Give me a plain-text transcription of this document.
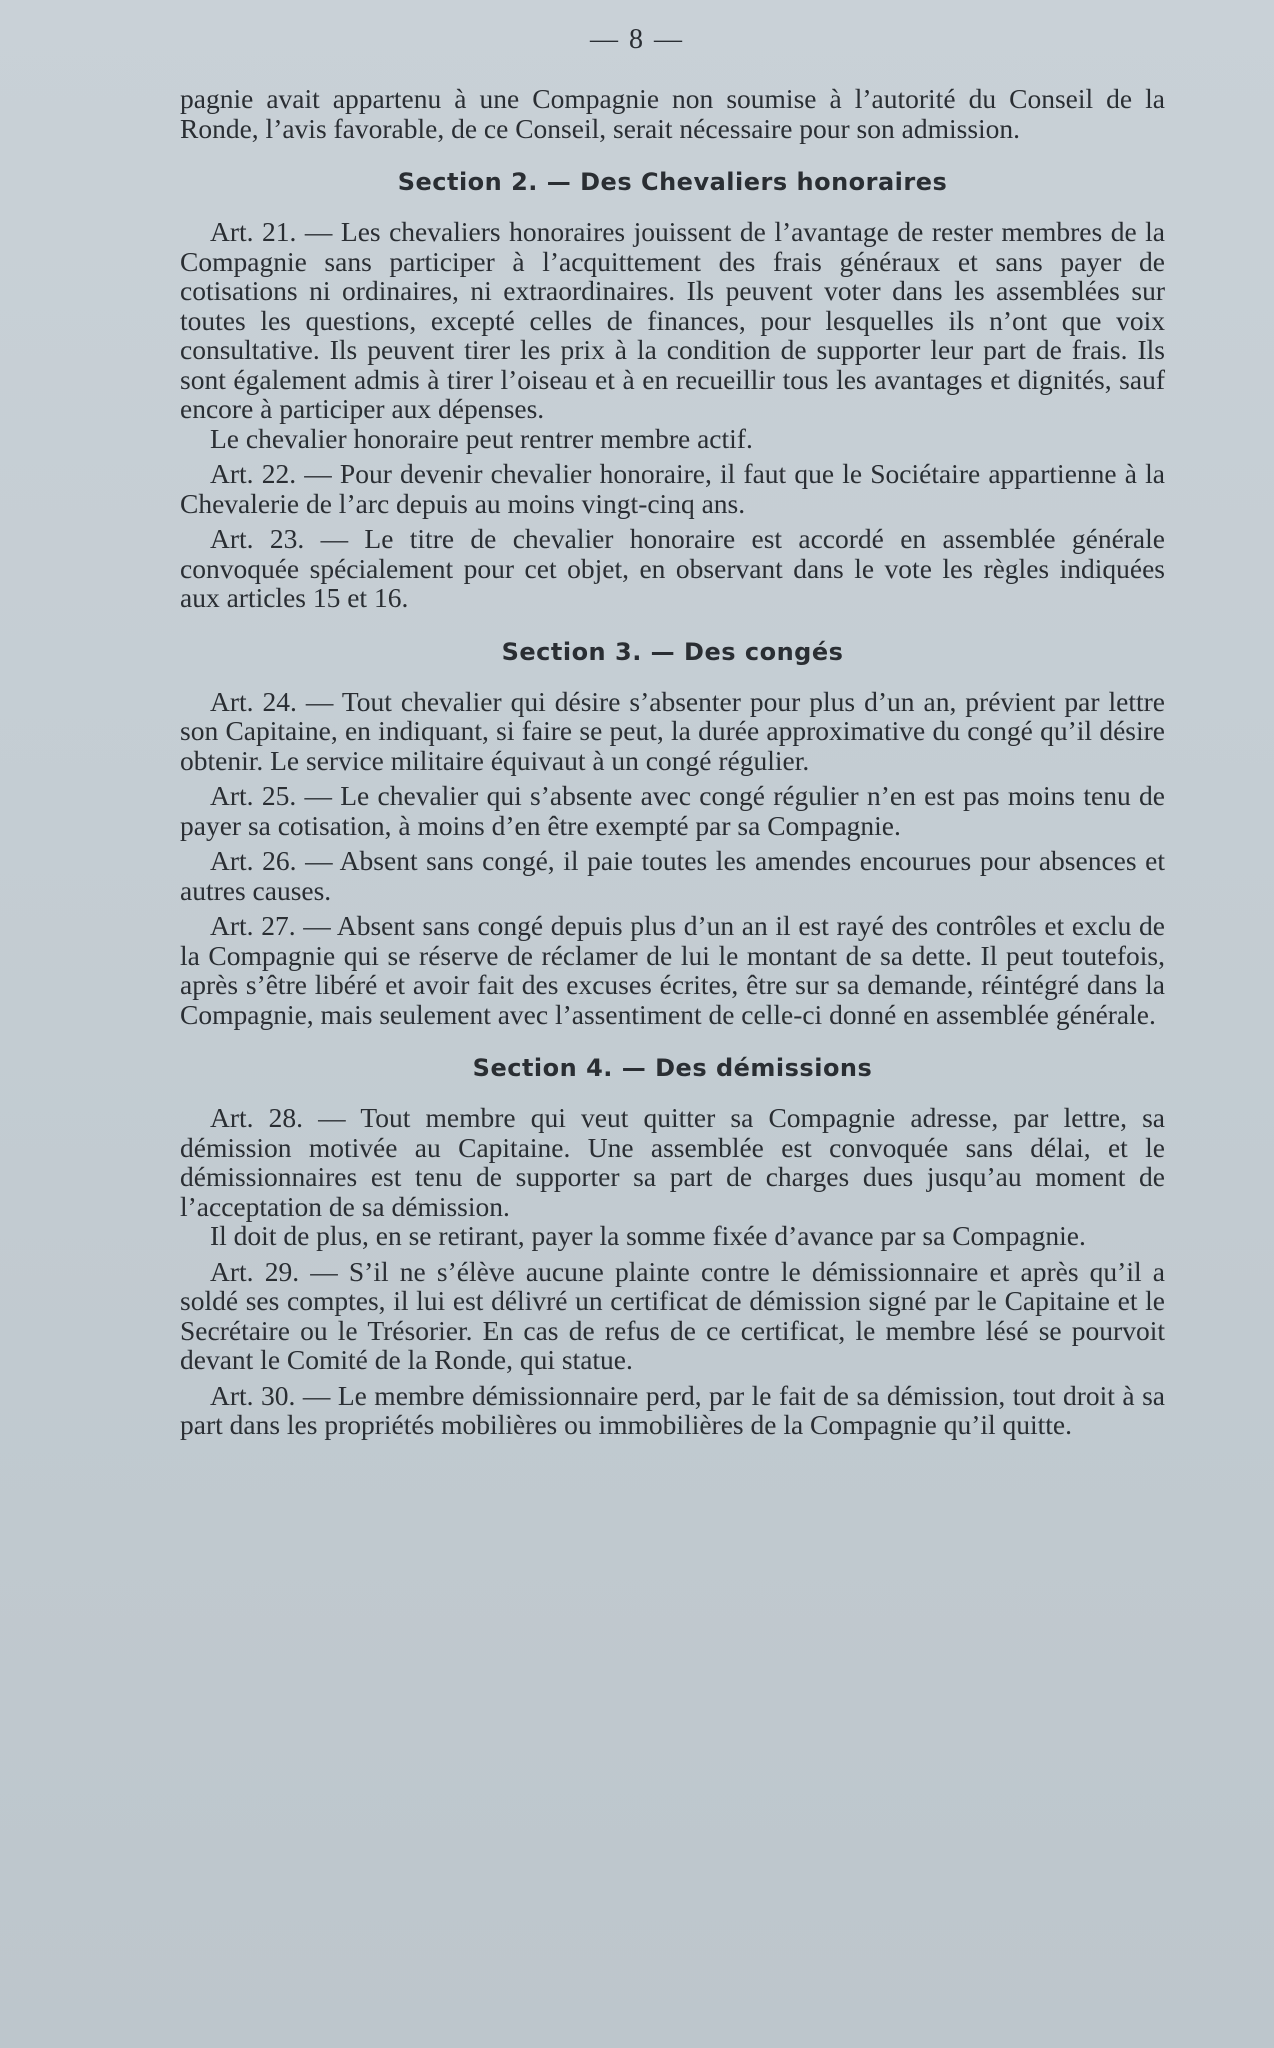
— 8 —

pagnie avait appartenu à une Compagnie non soumise à l’autorité du Conseil de la Ronde, l’avis favorable, de ce Conseil, serait nécessaire pour son admission.

Section 2. — Des Chevaliers honoraires

Art. 21. — Les chevaliers honoraires jouissent de l’avantage de rester membres de la Compagnie sans participer à l’acquittement des frais généraux et sans payer de cotisations ni ordinaires, ni extraordinaires. Ils peuvent voter dans les assemblées sur toutes les questions, excepté celles de finances, pour lesquelles ils n’ont que voix consultative. Ils peuvent tirer les prix à la condition de supporter leur part de frais. Ils sont également admis à tirer l’oiseau et à en recueillir tous les avantages et dignités, sauf encore à participer aux dépenses.

Le chevalier honoraire peut rentrer membre actif.

Art. 22. — Pour devenir chevalier honoraire, il faut que le Sociétaire appartienne à la Chevalerie de l’arc depuis au moins vingt-cinq ans.

Art. 23. — Le titre de chevalier honoraire est accordé en assemblée générale convoquée spécialement pour cet objet, en observant dans le vote les règles indiquées aux articles 15 et 16.

Section 3. — Des congés

Art. 24. — Tout chevalier qui désire s’absenter pour plus d’un an, prévient par lettre son Capitaine, en indiquant, si faire se peut, la durée approximative du congé qu’il désire obtenir. Le service militaire équivaut à un congé régulier.

Art. 25. — Le chevalier qui s’absente avec congé régulier n’en est pas moins tenu de payer sa cotisation, à moins d’en être exempté par sa Compagnie.

Art. 26. — Absent sans congé, il paie toutes les amendes encourues pour absences et autres causes.

Art. 27. — Absent sans congé depuis plus d’un an il est rayé des contrôles et exclu de la Compagnie qui se réserve de réclamer de lui le montant de sa dette. Il peut toutefois, après s’être libéré et avoir fait des excuses écrites, être sur sa demande, réintégré dans la Compagnie, mais seulement avec l’assentiment de celle-ci donné en assemblée générale.

Section 4. — Des démissions

Art. 28. — Tout membre qui veut quitter sa Compagnie adresse, par lettre, sa démission motivée au Capitaine. Une assemblée est convoquée sans délai, et le démissionnaires est tenu de supporter sa part de charges dues jusqu’au moment de l’acceptation de sa démission.

Il doit de plus, en se retirant, payer la somme fixée d’avance par sa Compagnie.

Art. 29. — S’il ne s’élève aucune plainte contre le démissionnaire et après qu’il a soldé ses comptes, il lui est délivré un certificat de démission signé par le Capitaine et le Secrétaire ou le Trésorier. En cas de refus de ce certificat, le membre lésé se pourvoit devant le Comité de la Ronde, qui statue.

Art. 30. — Le membre démissionnaire perd, par le fait de sa démission, tout droit à sa part dans les propriétés mobilières ou immobilières de la Compagnie qu’il quitte.
